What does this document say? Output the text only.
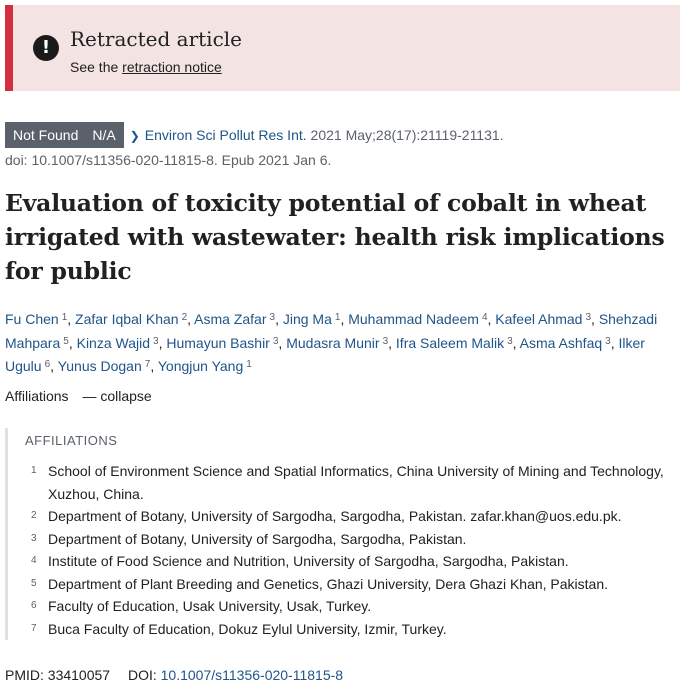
! Retracted article
See the retraction notice
Not Found N/A ❯ Environ Sci Pollut Res Int. 2021 May;28(17):21119-21131.
doi: 10.1007/s11356-020-11815-8. Epub 2021 Jan 6.
Evaluation of toxicity potential of cobalt in wheat irrigated with wastewater: health risk implications for public
Fu Chen $^1$, Zafar Iqbal Khan $^2$, Asma Zafar $^3$, Jing Ma $^1$, Muhammad Nadeem $^4$, Kafeel Ahmad $^3$, Shehzadi Mahpara $^5$, Kinza Wajid $^3$, Humayun Bashir $^3$, Mudasra Munir $^3$, Ifra Saleem Malik $^3$, Asma Ashfaq $^3$, Ilker Ugulu $^6$, Yunus Dogan $^7$, Yongjun Yang $^1$
Affiliations — collapse
AFFILIATIONS
1 School of Environment Science and Spatial Informatics, China University of Mining and Technology, Xuzhou, China.
2 Department of Botany, University of Sargodha, Sargodha, Pakistan. zafar.khan@uos.edu.pk.
3 Department of Botany, University of Sargodha, Sargodha, Pakistan.
4 Institute of Food Science and Nutrition, University of Sargodha, Sargodha, Pakistan.
5 Department of Plant Breeding and Genetics, Ghazi University, Dera Ghazi Khan, Pakistan.
6 Faculty of Education, Usak University, Usak, Turkey.
7 Buca Faculty of Education, Dokuz Eylul University, Izmir, Turkey.
PMID: 33410057 DOI: 10.1007/s11356-020-11815-8
